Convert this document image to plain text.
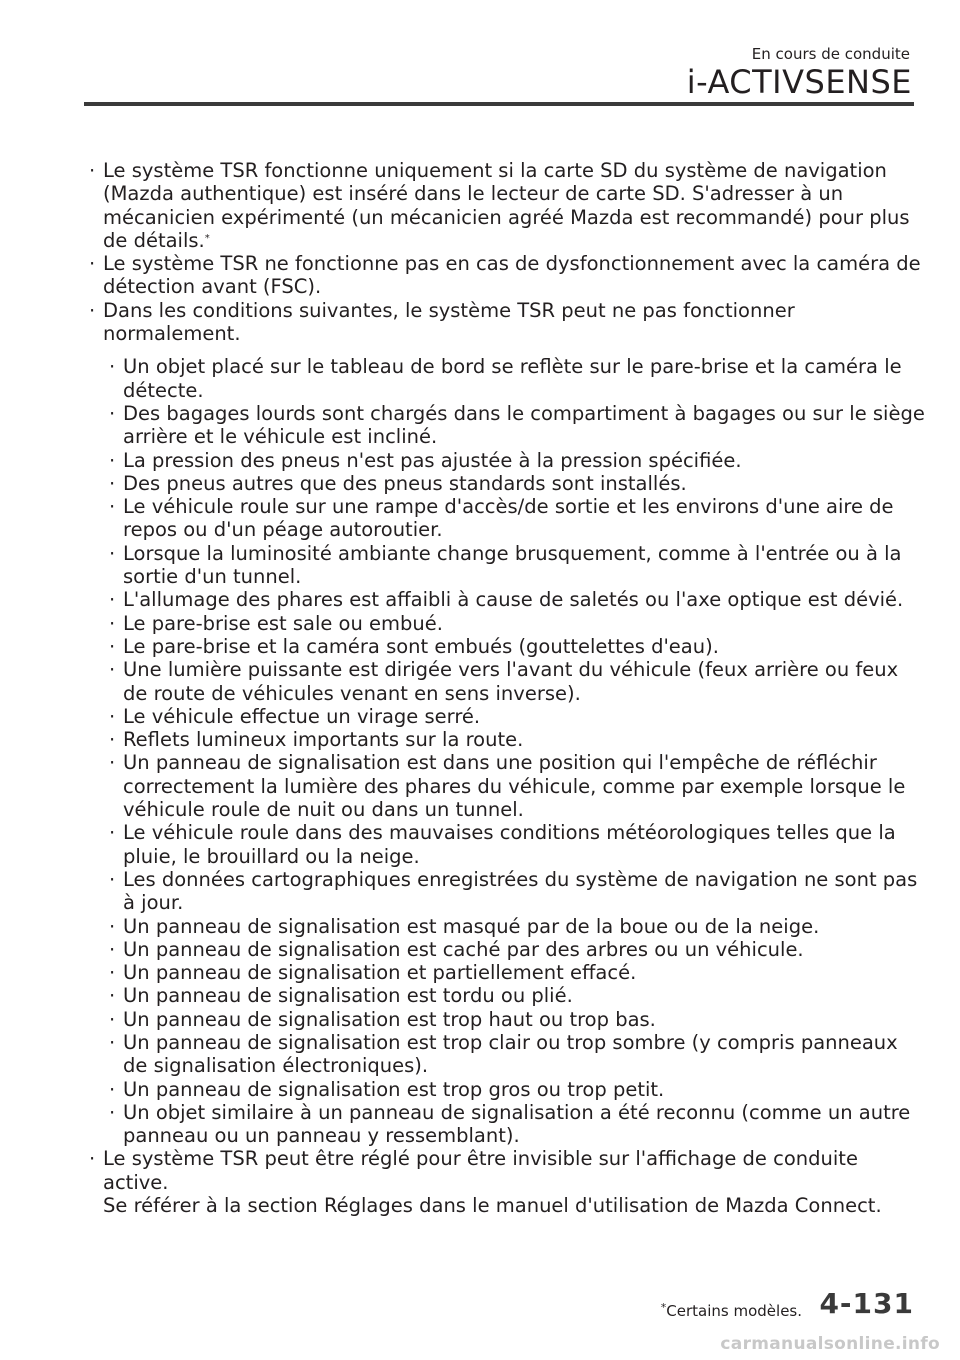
En cours de conduite
i-ACTIVSENSE
· Le système TSR fonctionne uniquement si la carte SD du système de navigation
(Mazda authentique) est inséré dans le lecteur de carte SD. S'adresser à un
mécanicien expérimenté (un mécanicien agréé Mazda est recommandé) pour plus
de détails.*
· Le système TSR ne fonctionne pas en cas de dysfonctionnement avec la caméra de
détection avant (FSC).
· Dans les conditions suivantes, le système TSR peut ne pas fonctionner
normalement.
· Un objet placé sur le tableau de bord se reflète sur le pare-brise et la caméra le
détecte.
· Des bagages lourds sont chargés dans le compartiment à bagages ou sur le siège
arrière et le véhicule est incliné.
· La pression des pneus n'est pas ajustée à la pression spécifiée.
· Des pneus autres que des pneus standards sont installés.
· Le véhicule roule sur une rampe d'accès/de sortie et les environs d'une aire de
repos ou d'un péage autoroutier.
· Lorsque la luminosité ambiante change brusquement, comme à l'entrée ou à la
sortie d'un tunnel.
· L'allumage des phares est affaibli à cause de saletés ou l'axe optique est dévié.
· Le pare-brise est sale ou embué.
· Le pare-brise et la caméra sont embués (gouttelettes d'eau).
· Une lumière puissante est dirigée vers l'avant du véhicule (feux arrière ou feux
de route de véhicules venant en sens inverse).
· Le véhicule effectue un virage serré.
· Reflets lumineux importants sur la route.
· Un panneau de signalisation est dans une position qui l'empêche de réfléchir
correctement la lumière des phares du véhicule, comme par exemple lorsque le
véhicule roule de nuit ou dans un tunnel.
· Le véhicule roule dans des mauvaises conditions météorologiques telles que la
pluie, le brouillard ou la neige.
· Les données cartographiques enregistrées du système de navigation ne sont pas
à jour.
· Un panneau de signalisation est masqué par de la boue ou de la neige.
· Un panneau de signalisation est caché par des arbres ou un véhicule.
· Un panneau de signalisation et partiellement effacé.
· Un panneau de signalisation est tordu ou plié.
· Un panneau de signalisation est trop haut ou trop bas.
· Un panneau de signalisation est trop clair ou trop sombre (y compris panneaux
de signalisation électroniques).
· Un panneau de signalisation est trop gros ou trop petit.
· Un objet similaire à un panneau de signalisation a été reconnu (comme un autre
panneau ou un panneau y ressemblant).
· Le système TSR peut être réglé pour être invisible sur l'affichage de conduite
active.
Se référer à la section Réglages dans le manuel d'utilisation de Mazda Connect.
*Certains modèles. 4-131
carmanualsonline.info
